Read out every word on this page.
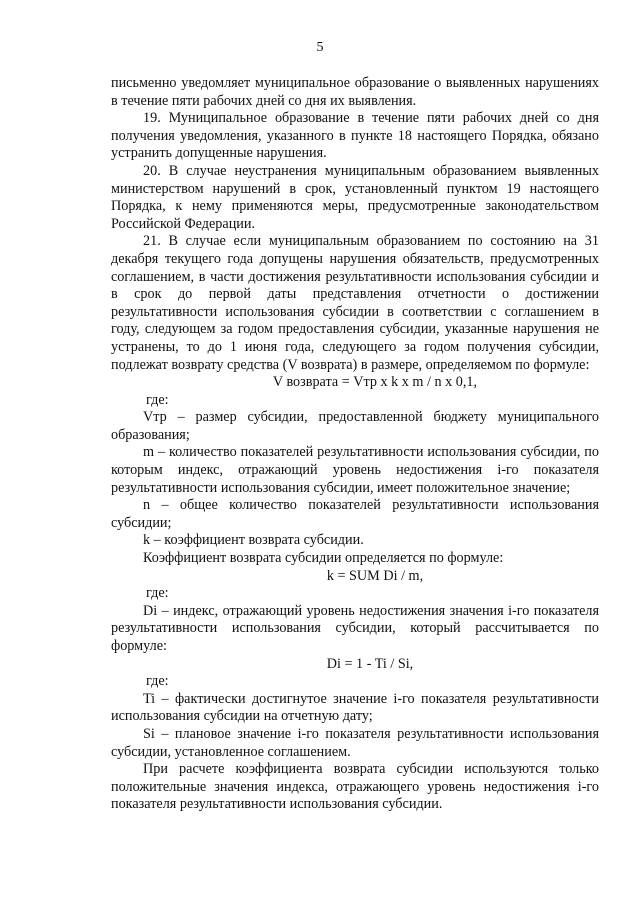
5

письменно уведомляет муниципальное образование о выявленных нарушениях в течение пяти рабочих дней со дня их выявления.

19. Муниципальное образование в течение пяти рабочих дней со дня получения уведомления, указанного в пункте 18 настоящего Порядка, обязано устранить допущенные нарушения.

20. В случае неустранения муниципальным образованием выявленных министерством нарушений в срок, установленный пунктом 19 настоящего Порядка, к нему применяются меры, предусмотренные законодательством Российской Федерации.

21. В случае если муниципальным образованием по состоянию на 31 декабря текущего года допущены нарушения обязательств, предусмотренных соглашением, в части достижения результативности использования субсидии и в срок до первой даты представления отчетности о достижении результативности использования субсидии в соответствии с соглашением в году, следующем за годом предоставления субсидии, указанные нарушения не устранены, то до 1 июня года, следующего за годом получения субсидии, подлежат возврату средства (V возврата) в размере, определяемом по формуле:

V возврата = Vтр x k x m / n x 0,1,

где:

Vтр – размер субсидии, предоставленной бюджету муниципального образования;

m – количество показателей результативности использования субсидии, по которым индекс, отражающий уровень недостижения i-го показателя результативности использования субсидии, имеет положительное значение;

n – общее количество показателей результативности использования субсидии;

k – коэффициент возврата субсидии.

Коэффициент возврата субсидии определяется по формуле:

k = SUM Di / m,

где:

Di – индекс, отражающий уровень недостижения значения i-го показателя результативности использования субсидии, который рассчитывается по формуле:

Di = 1 - Ti / Si,

где:

Ti – фактически достигнутое значение i-го показателя результативности использования субсидии на отчетную дату;

Si – плановое значение i-го показателя результативности использования субсидии, установленное соглашением.

При расчете коэффициента возврата субсидии используются только положительные значения индекса, отражающего уровень недостижения i-го показателя результативности использования субсидии.
